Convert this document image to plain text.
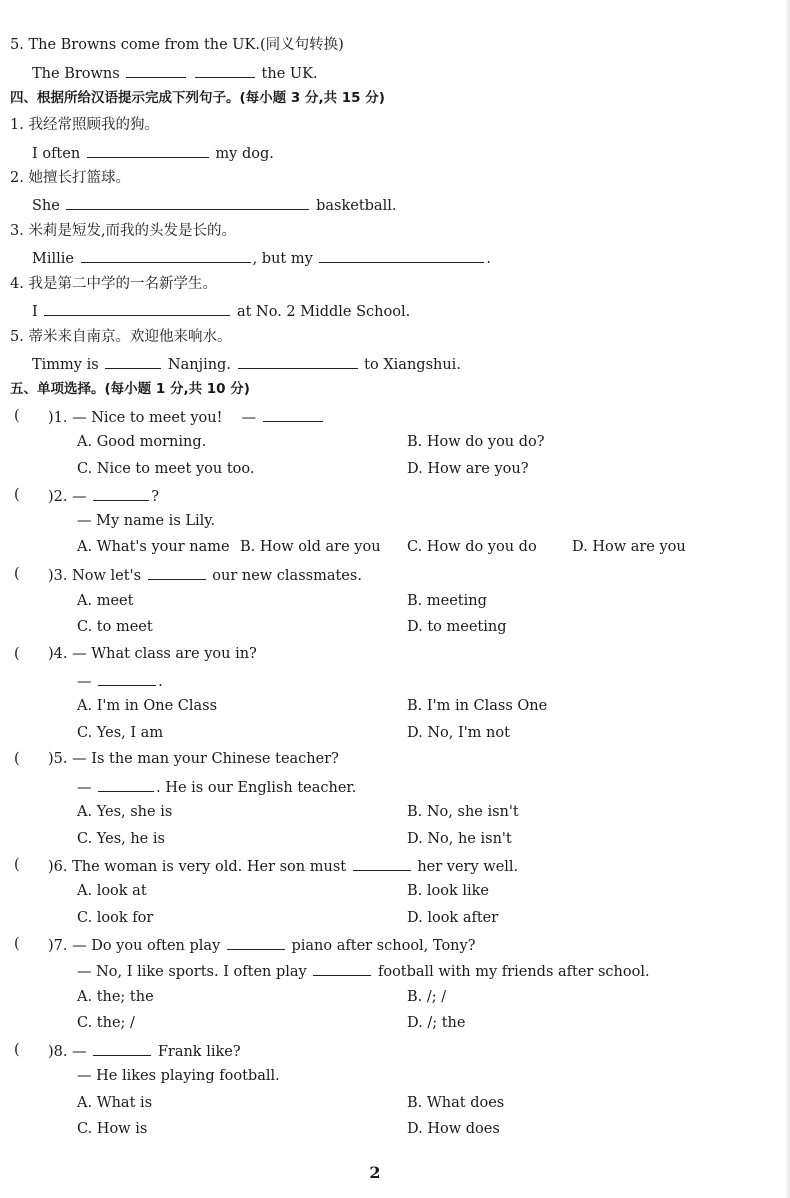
5. The Browns come from the UK.(同义句转换)
The Browns	the UK.
四、根据所给汉语提示完成下列句子。(每小题 3 分,共 15 分)
1. 我经常照顾我的狗。
I often	my dog.
2. 她擅长打篮球。
She	basketball.
3. 米莉是短发,而我的头发是长的。
Millie	, but my	.
4. 我是第二中学的一名新学生。
I	at No. 2 Middle School.
5. 蒂米来自南京。欢迎他来响水。
Timmy is	Nanjing.	to Xiangshui.
五、单项选择。(每小题 1 分,共 10 分)
( )1. — Nice to meet you!　 —
A. Good morning.	B. How do you do?
C. Nice to meet you too.	D. How are you?
( )2. —	?
— My name is Lily.
A. What's your name B. How old are you C. How do you do D. How are you
( )3. Now let's	our new classmates.
A. meet	B. meeting
C. to meet	D. to meeting
( )4. — What class are you in?
—	.
A. I'm in One Class	B. I'm in Class One
C. Yes, I am	D. No, I'm not
( )5. — Is the man your Chinese teacher?
—	. He is our English teacher.
A. Yes, she is	B. No, she isn't
C. Yes, he is	D. No, he isn't
( )6. The woman is very old. Her son must	her very well.
A. look at	B. look like
C. look for	D. look after
( )7. — Do you often play	piano after school, Tony?
— No, I like sports. I often play	football with my friends after school.
A. the; the	B. /; /
C. the; /	D. /; the
( )8. —	Frank like?
— He likes playing football.
A. What is	B. What does
C. How is	D. How does
2
